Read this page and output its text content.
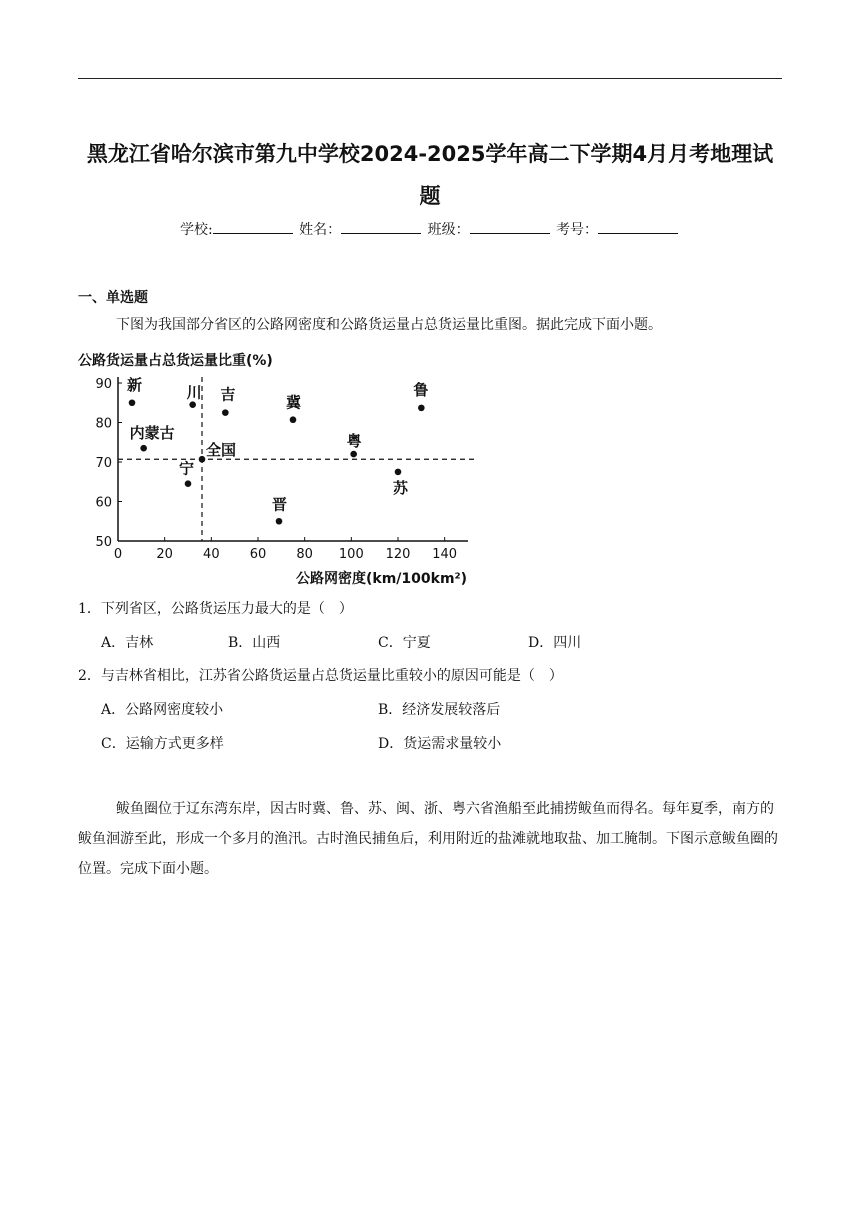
黑龙江省哈尔滨市第九中学校2024-2025学年高二下学期4月月考地理试
题
学校:	姓名：	班级：	考号：
一、单选题
下图为我国部分省区的公路网密度和公路货运量占总货运量比重图。据此完成下面小题。
公路货运量占总货运量比重(%)
0	20 40 60 80 100 120 140
50
60
70
80
90 新	川 吉	冀
鲁
内蒙古
全国
粤
宁
苏
晋
公路网密度(km/100km²)
1．下列省区，公路货运压力最大的是（　）
A．吉林	B．山西	C．宁夏	D．四川
2．与吉林省相比，江苏省公路货运量占总货运量比重较小的原因可能是（　）
A．公路网密度较小	B．经济发展较落后
C．运输方式更多样	D．货运需求量较小
鲅鱼圈位于辽东湾东岸，因古时冀、鲁、苏、闽、浙、粤六省渔船至此捕捞鲅鱼而得名。每年夏季，南方的鲅鱼洄游至此，形成一个多月的渔汛。古时渔民捕鱼后，利用附近的盐滩就地取盐、加工腌制。下图示意鲅鱼圈的位置。完成下面小题。
